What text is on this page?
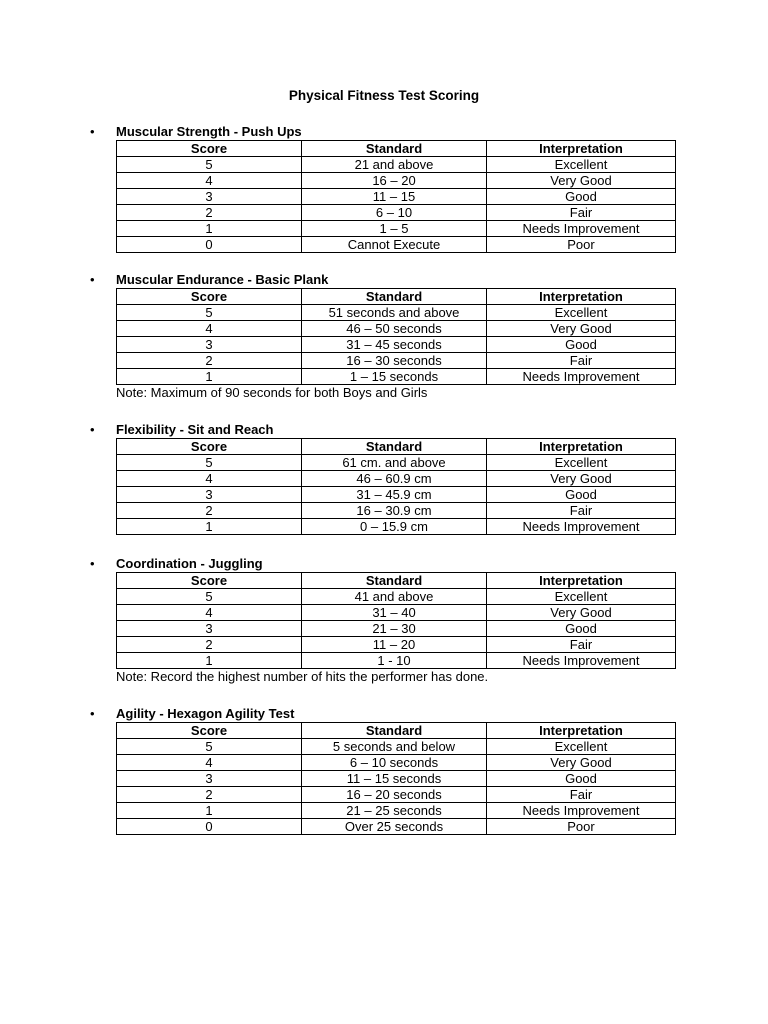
Physical Fitness Test Scoring
• Muscular Strength - Push Ups
Score	Standard	Interpretation
5	21 and above	Excellent
4	16 – 20	Very Good
3	11 – 15	Good
2	6 – 10	Fair
1	1 – 5	Needs Improvement
0	Cannot Execute	Poor
• Muscular Endurance - Basic Plank
Score	Standard	Interpretation
5	51 seconds and above	Excellent
4	46 – 50 seconds	Very Good
3	31 – 45 seconds	Good
2	16 – 30 seconds	Fair
1	1 – 15 seconds	Needs Improvement
Note: Maximum of 90 seconds for both Boys and Girls
• Flexibility - Sit and Reach
Score	Standard	Interpretation
5	61 cm. and above	Excellent
4	46 – 60.9 cm	Very Good
3	31 – 45.9 cm	Good
2	16 – 30.9 cm	Fair
1	0 – 15.9 cm	Needs Improvement
• Coordination - Juggling
Score	Standard	Interpretation
5	41 and above	Excellent
4	31 – 40	Very Good
3	21 – 30	Good
2	11 – 20	Fair
1	1 - 10	Needs Improvement
Note: Record the highest number of hits the performer has done.
• Agility - Hexagon Agility Test
Score	Standard	Interpretation
5	5 seconds and below	Excellent
4	6 – 10 seconds	Very Good
3	11 – 15 seconds	Good
2	16 – 20 seconds	Fair
1	21 – 25 seconds	Needs Improvement
0	Over 25 seconds	Poor
